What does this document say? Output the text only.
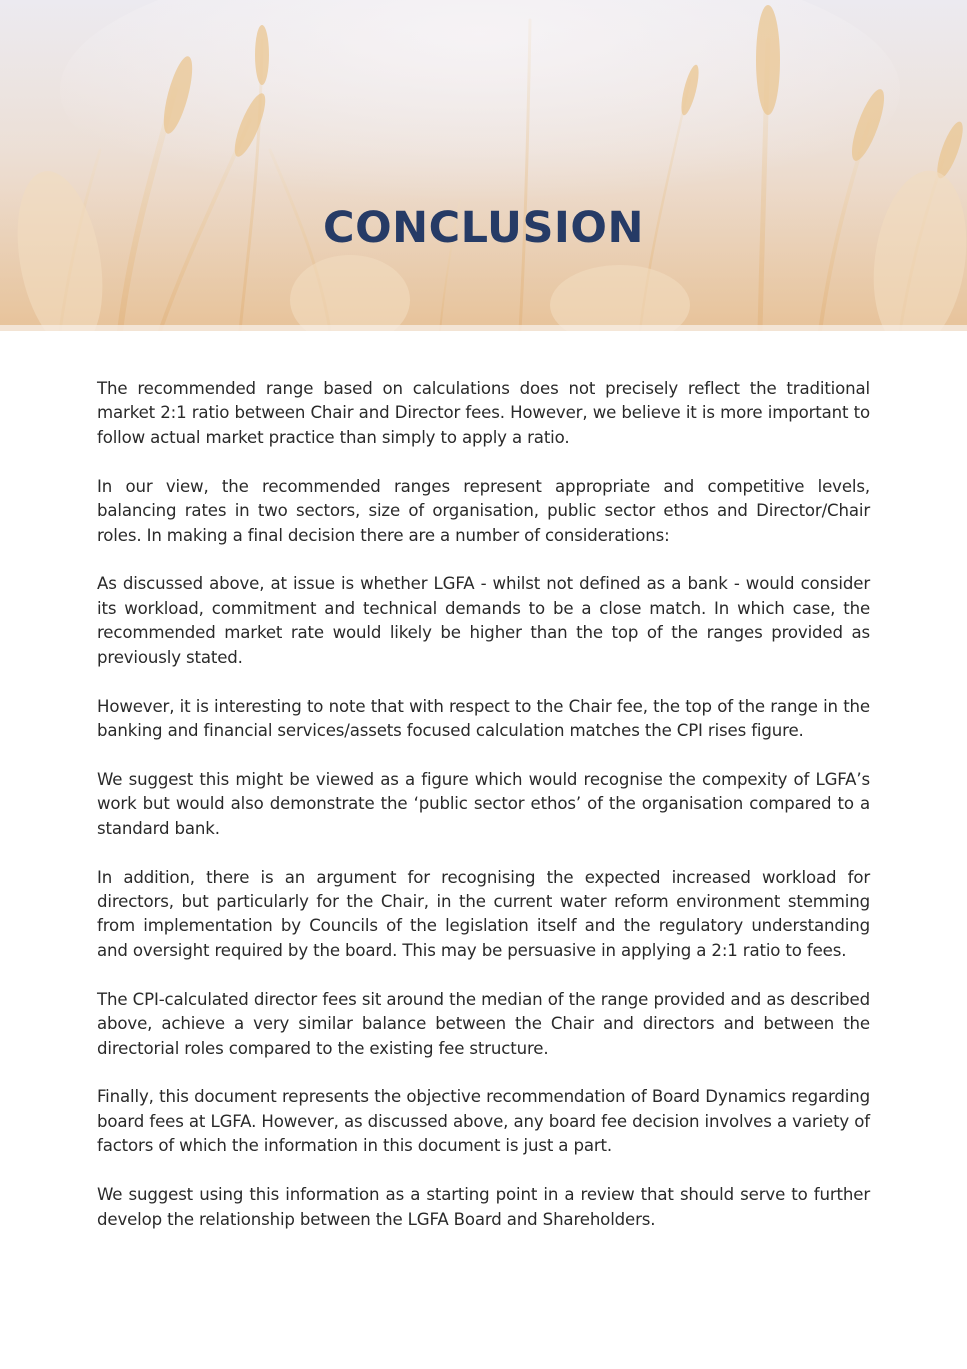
CONCLUSION

The recommended range based on calculations does not precisely reflect the traditional market 2:1 ratio between Chair and Director fees. However, we believe it is more important to follow actual market practice than simply to apply a ratio.

In our view, the recommended ranges represent appropriate and competitive levels, balancing rates in two sectors, size of organisation, public sector ethos and Director/Chair roles. In making a final decision there are a number of considerations:

As discussed above, at issue is whether LGFA - whilst not defined as a bank - would consider its workload, commitment and technical demands to be a close match. In which case, the recommended market rate would likely be higher than the top of the ranges provided as previously stated.

However, it is interesting to note that with respect to the Chair fee, the top of the range in the banking and financial services/assets focused calculation matches the CPI rises figure.

We suggest this might be viewed as a figure which would recognise the compexity of LGFA’s work but would also demonstrate the ‘public sector ethos’ of the organisation compared to a standard bank.

In addition, there is an argument for recognising the expected increased workload for directors, but particularly for the Chair, in the current water reform environment stemming from implementation by Councils of the legislation itself and the regulatory understanding and oversight required by the board. This may be persuasive in applying a 2:1 ratio to fees.

The CPI-calculated director fees sit around the median of the range provided and as described above, achieve a very similar balance between the Chair and directors and between the directorial roles compared to the existing fee structure.

Finally, this document represents the objective recommendation of Board Dynamics regarding board fees at LGFA. However, as discussed above, any board fee decision involves a variety of factors of which the information in this document is just a part.

We suggest using this information as a starting point in a review that should serve to further develop the relationship between the LGFA Board and Shareholders.
